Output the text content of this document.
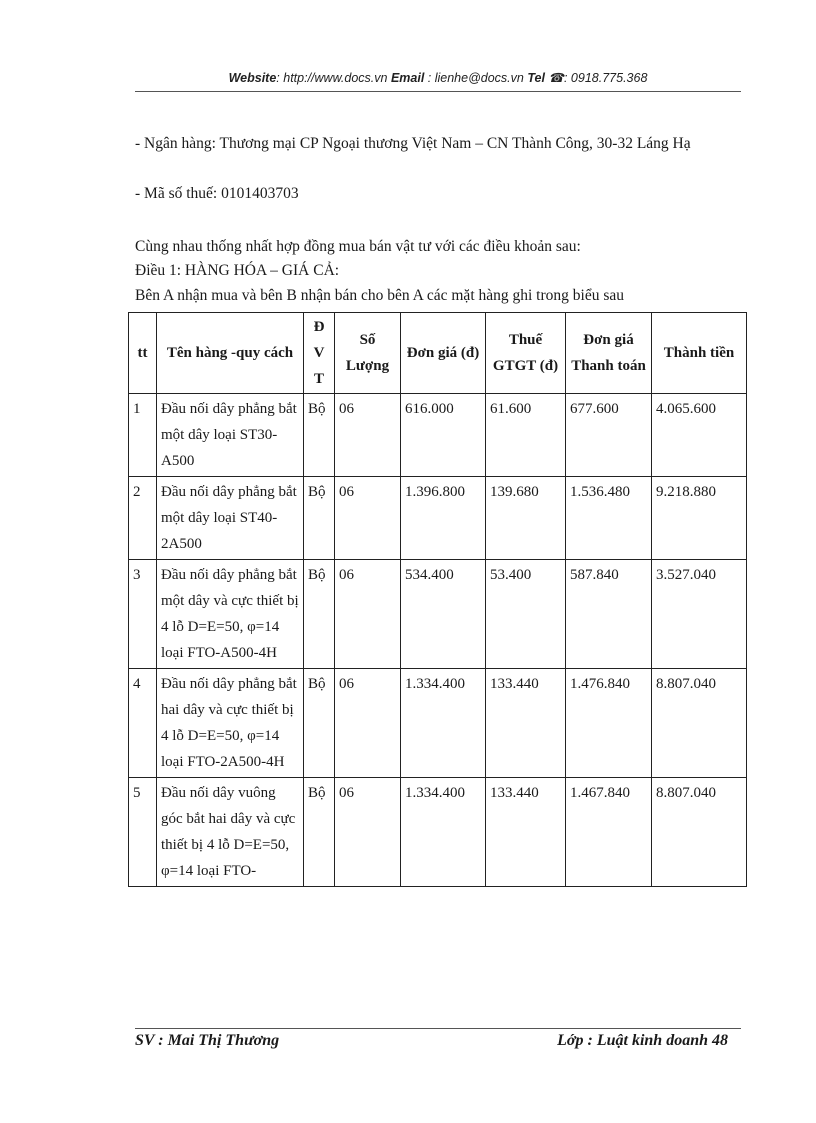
Website: http://www.docs.vn Email : lienhe@docs.vn Tel ☎: 0918.775.368

- Ngân hàng: Thương mại CP Ngoại thương Việt Nam – CN Thành Công, 30-32 Láng Hạ

- Mã số thuế: 0101403703

Cùng nhau thống nhất hợp đồng mua bán vật tư với các điều khoản sau:

Điều 1: HÀNG HÓA – GIÁ CẢ:

Bên A nhận mua và bên B nhận bán cho bên A các mặt hàng ghi trong biểu sau

tt	Tên hàng -quy cách	Đ V T	Số Lượng	Đơn giá (đ)	Thuế GTGT (đ)	Đơn giá Thanh toán	Thành tiền
1	Đầu nối dây phẳng bắt một dây loại ST30-A500	Bộ	06	616.000	61.600	677.600	4.065.600
2	Đầu nối dây phẳng bắt một dây loại ST40-2A500	Bộ	06	1.396.800	139.680	1.536.480	9.218.880
3	Đầu nối dây phẳng bắt một dây và cực thiết bị 4 lỗ D=E=50, φ=14 loại FTO-A500-4H	Bộ	06	534.400	53.400	587.840	3.527.040
4	Đầu nối dây phẳng bắt hai dây và cực thiết bị 4 lỗ D=E=50, φ=14 loại FTO-2A500-4H	Bộ	06	1.334.400	133.440	1.476.840	8.807.040
5	Đầu nối dây vuông góc bắt hai dây và cực thiết bị 4 lỗ D=E=50, φ=14 loại FTO-	Bộ	06	1.334.400	133.440	1.467.840	8.807.040
SV : Mai Thị Thương	Lớp : Luật kinh doanh 48
